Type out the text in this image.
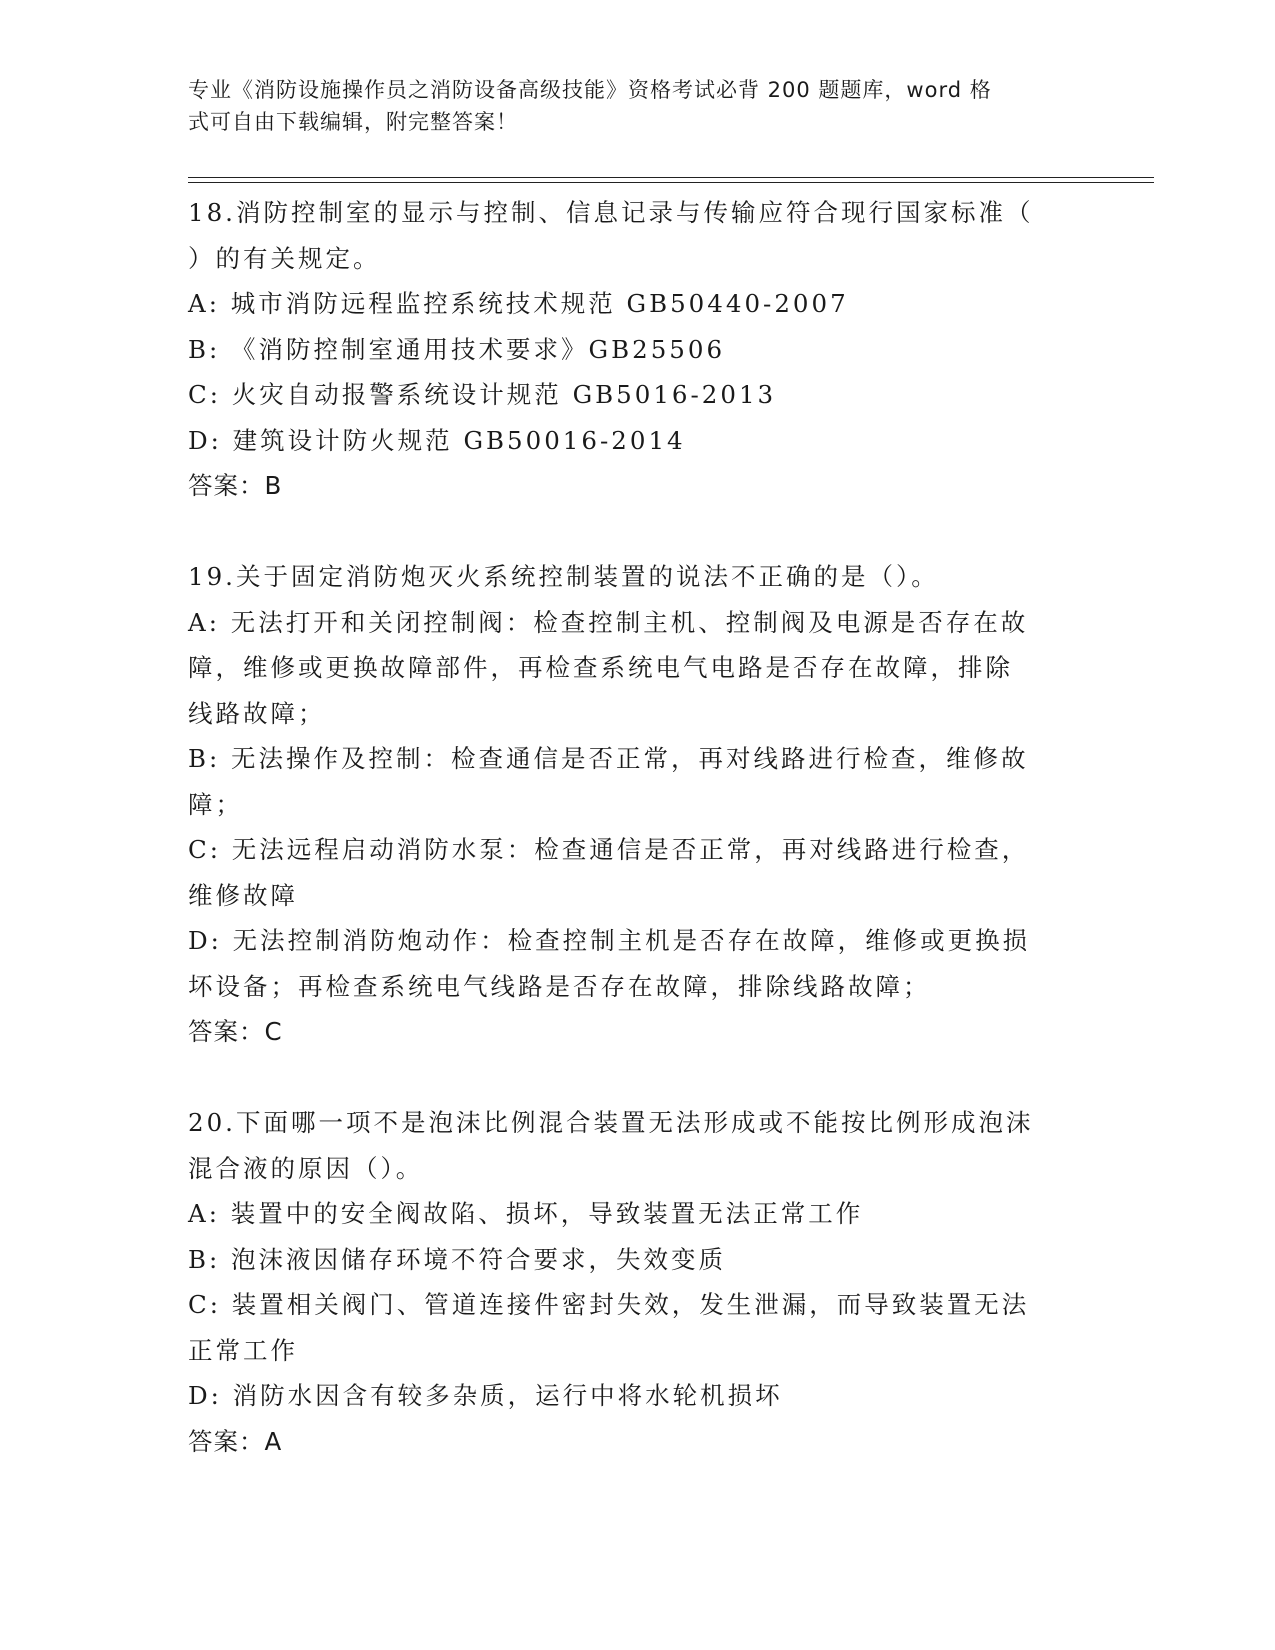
专业《消防设施操作员之消防设备高级技能》资格考试必背 200 题题库，word 格
式可自由下载编辑，附完整答案！
18.消防控制室的显示与控制、信息记录与传输应符合现行国家标准（
）的有关规定。
A: 城市消防远程监控系统技术规范 GB50440-2007
B: 《消防控制室通用技术要求》GB25506
C: 火灾自动报警系统设计规范 GB5016-2013
D: 建筑设计防火规范 GB50016-2014
答案：B
19.关于固定消防炮灭火系统控制装置的说法不正确的是（）。
A: 无法打开和关闭控制阀：检查控制主机、控制阀及电源是否存在故
障，维修或更换故障部件，再检查系统电气电路是否存在故障，排除
线路故障；
B: 无法操作及控制：检查通信是否正常，再对线路进行检查，维修故
障；
C: 无法远程启动消防水泵：检查通信是否正常，再对线路进行检查，
维修故障
D: 无法控制消防炮动作：检查控制主机是否存在故障，维修或更换损
坏设备；再检查系统电气线路是否存在故障，排除线路故障；
答案：C
20.下面哪一项不是泡沫比例混合装置无法形成或不能按比例形成泡沫
混合液的原因（）。
A: 装置中的安全阀故陷、损坏，导致装置无法正常工作
B: 泡沫液因储存环境不符合要求，失效变质
C: 装置相关阀门、管道连接件密封失效，发生泄漏，而导致装置无法
正常工作
D: 消防水因含有较多杂质，运行中将水轮机损坏
答案：A
